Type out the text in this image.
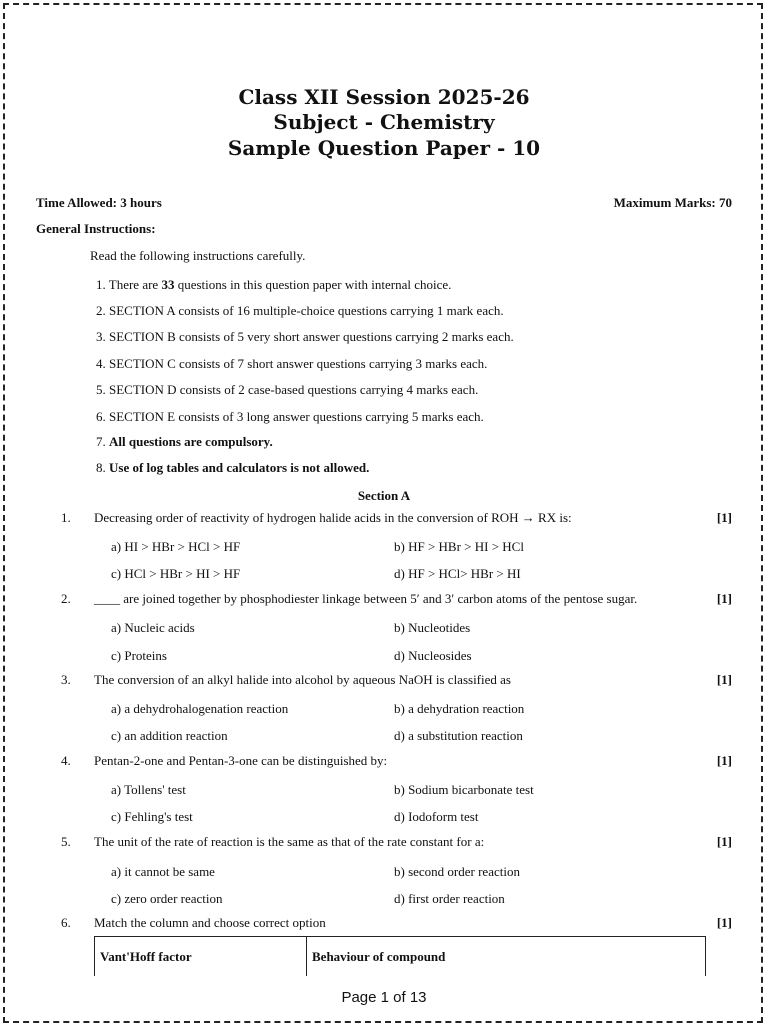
Class XII Session 2025-26
Subject - Chemistry
Sample Question Paper - 10
Time Allowed: 3 hours	Maximum Marks: 70
General Instructions:
Read the following instructions carefully.
1. There are 33 questions in this question paper with internal choice.
2. SECTION A consists of 16 multiple-choice questions carrying 1 mark each.
3. SECTION B consists of 5 very short answer questions carrying 2 marks each.
4. SECTION C consists of 7 short answer questions carrying 3 marks each.
5. SECTION D consists of 2 case-based questions carrying 4 marks each.
6. SECTION E consists of 3 long answer questions carrying 5 marks each.
7. All questions are compulsory.
8. Use of log tables and calculators is not allowed.
Section A
1. Decreasing order of reactivity of hydrogen halide acids in the conversion of ROH → RX is:	[1]
a) HI > HBr > HCl > HF	b) HF > HBr > HI > HCl
c) HCl > HBr > HI > HF	d) HF > HCl> HBr > HI
2. ____ are joined together by phosphodiester linkage between 5′ and 3′ carbon atoms of the pentose sugar.	[1]
a) Nucleic acids	b) Nucleotides
c) Proteins	d) Nucleosides
3. The conversion of an alkyl halide into alcohol by aqueous NaOH is classified as	[1]
a) a dehydrohalogenation reaction	b) a dehydration reaction
c) an addition reaction	d) a substitution reaction
4. Pentan-2-one and Pentan-3-one can be distinguished by:	[1]
a) Tollens' test	b) Sodium bicarbonate test
c) Fehling's test	d) Iodoform test
5. The unit of the rate of reaction is the same as that of the rate constant for a:	[1]
a) it cannot be same	b) second order reaction
c) zero order reaction	d) first order reaction
6. Match the column and choose correct option	[1]
Vant'Hoff factor	Behaviour of compound
Page 1 of 13
